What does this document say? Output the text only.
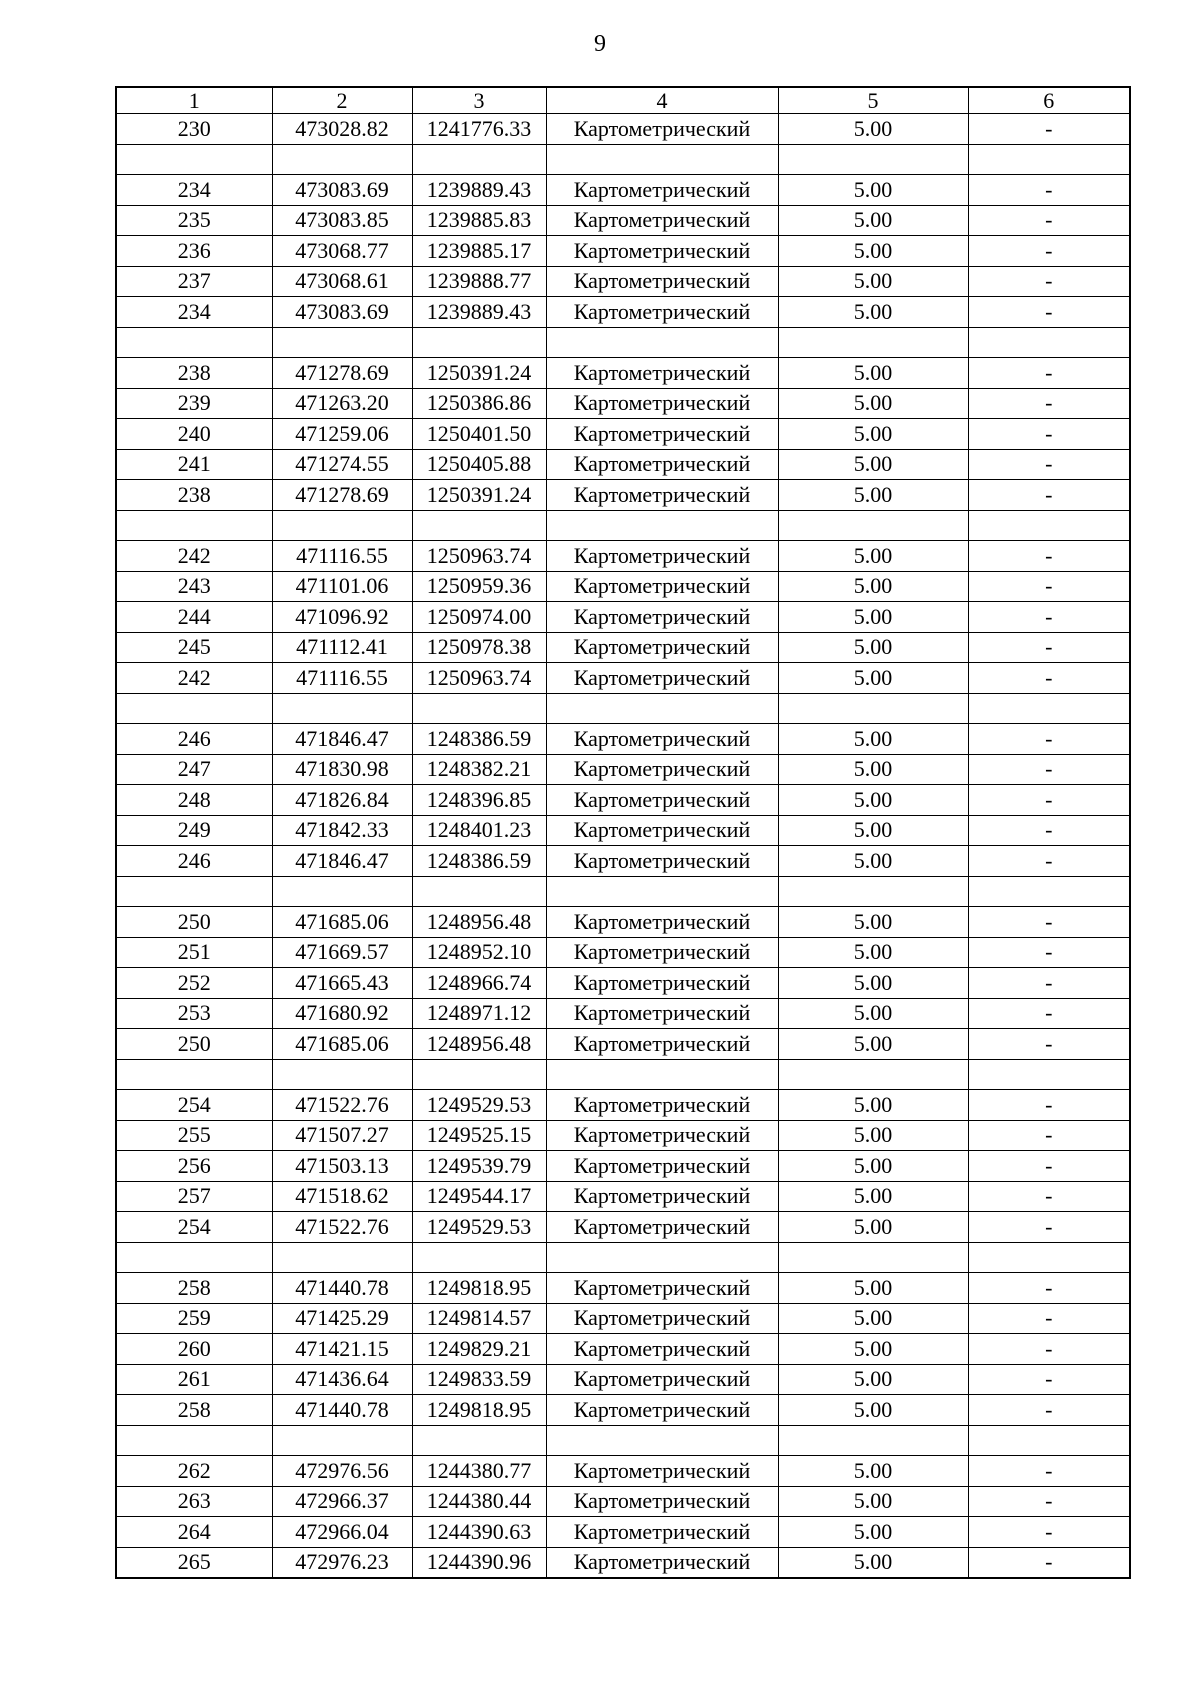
9
1	2	3	4	5	6
230	473028.82	1241776.33	Картометрический	5.00	-

234	473083.69	1239889.43	Картометрический	5.00	-
235	473083.85	1239885.83	Картометрический	5.00	-
236	473068.77	1239885.17	Картометрический	5.00	-
237	473068.61	1239888.77	Картометрический	5.00	-
234	473083.69	1239889.43	Картометрический	5.00	-

238	471278.69	1250391.24	Картометрический	5.00	-
239	471263.20	1250386.86	Картометрический	5.00	-
240	471259.06	1250401.50	Картометрический	5.00	-
241	471274.55	1250405.88	Картометрический	5.00	-
238	471278.69	1250391.24	Картометрический	5.00	-

242	471116.55	1250963.74	Картометрический	5.00	-
243	471101.06	1250959.36	Картометрический	5.00	-
244	471096.92	1250974.00	Картометрический	5.00	-
245	471112.41	1250978.38	Картометрический	5.00	-
242	471116.55	1250963.74	Картометрический	5.00	-

246	471846.47	1248386.59	Картометрический	5.00	-
247	471830.98	1248382.21	Картометрический	5.00	-
248	471826.84	1248396.85	Картометрический	5.00	-
249	471842.33	1248401.23	Картометрический	5.00	-
246	471846.47	1248386.59	Картометрический	5.00	-

250	471685.06	1248956.48	Картометрический	5.00	-
251	471669.57	1248952.10	Картометрический	5.00	-
252	471665.43	1248966.74	Картометрический	5.00	-
253	471680.92	1248971.12	Картометрический	5.00	-
250	471685.06	1248956.48	Картометрический	5.00	-

254	471522.76	1249529.53	Картометрический	5.00	-
255	471507.27	1249525.15	Картометрический	5.00	-
256	471503.13	1249539.79	Картометрический	5.00	-
257	471518.62	1249544.17	Картометрический	5.00	-
254	471522.76	1249529.53	Картометрический	5.00	-

258	471440.78	1249818.95	Картометрический	5.00	-
259	471425.29	1249814.57	Картометрический	5.00	-
260	471421.15	1249829.21	Картометрический	5.00	-
261	471436.64	1249833.59	Картометрический	5.00	-
258	471440.78	1249818.95	Картометрический	5.00	-

262	472976.56	1244380.77	Картометрический	5.00	-
263	472966.37	1244380.44	Картометрический	5.00	-
264	472966.04	1244390.63	Картометрический	5.00	-
265	472976.23	1244390.96	Картометрический	5.00	-
